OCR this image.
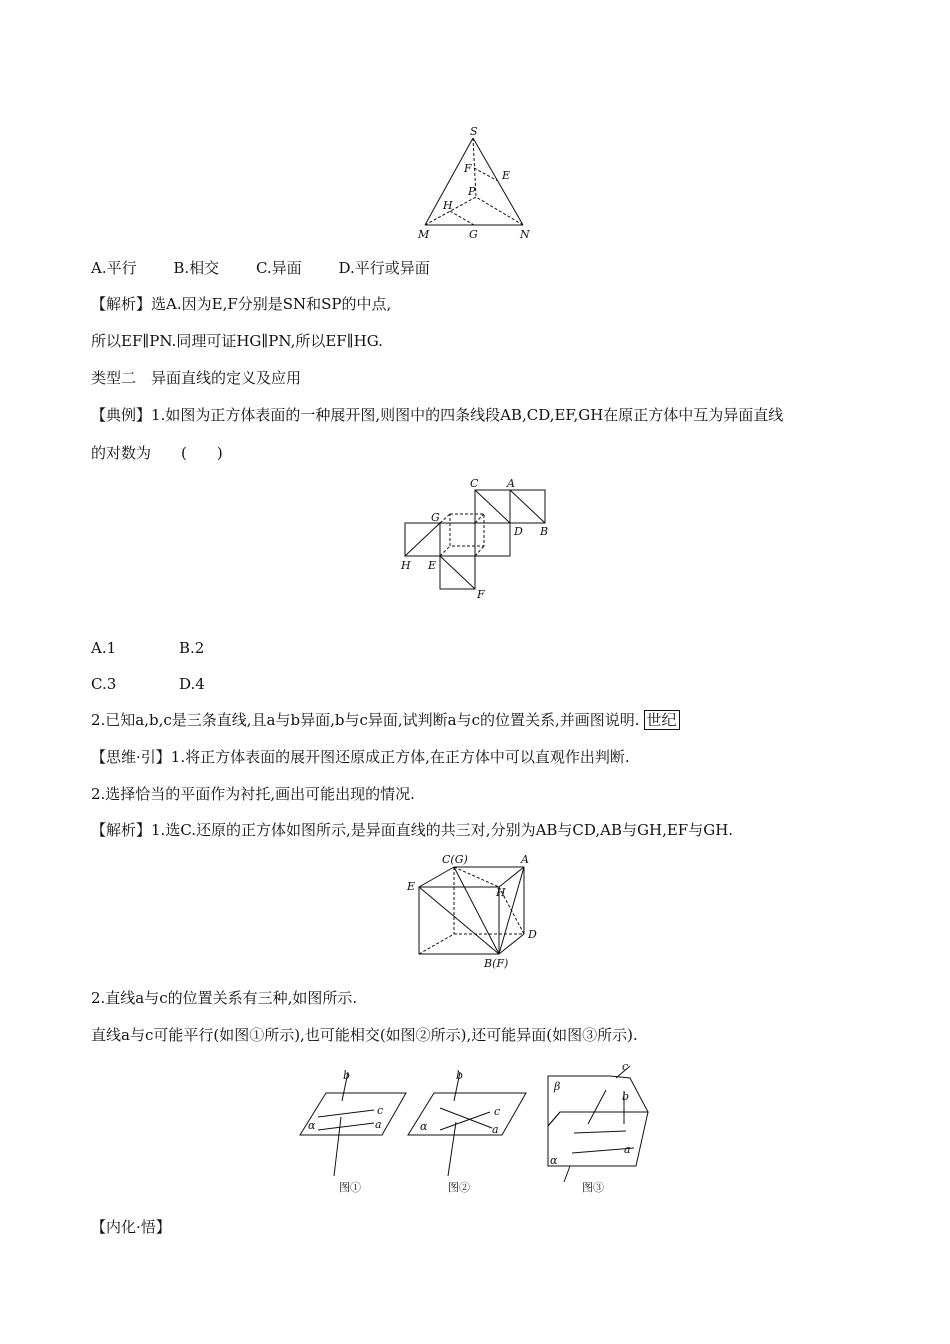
S
F
E
P
H
M	G	N
A.平行 B.相交 C.异面 D.平行或异面
【解析】选A.因为E,F分别是SN和SP的中点,
所以EF∥PN.同理可证HG∥PN,所以EF∥HG.
类型二　异面直线的定义及应用
【典例】1.如图为正方体表面的一种展开图,则图中的四条线段AB,CD,EF,GH在原正方体中互为异面直线
的对数为　　(　　)
C	A
G
D B
H E
F
A.1	B.2
C.3	D.4
2.已知a,b,c是三条直线,且a与b异面,b与c异面,试判断a与c的位置关系,并画图说明. 世纪
【思维·引】1.将正方体表面的展开图还原成正方体,在正方体中可以直观作出判断.
2.选择恰当的平面作为衬托,画出可能出现的情况.
【解析】1.选C.还原的正方体如图所示,是异面直线的共三对,分别为AB与CD,AB与GH,EF与GH.
C(G)	A
E	H
D
B(F)
2.直线a与c的位置关系有三种,如图所示.
直线a与c可能平行(如图①所示),也可能相交(如图②所示),还可能异面(如图③所示).
b
c
α	a
图①
b
c
α	a
图②
c
β
b
a
α
图③
【内化·悟】
